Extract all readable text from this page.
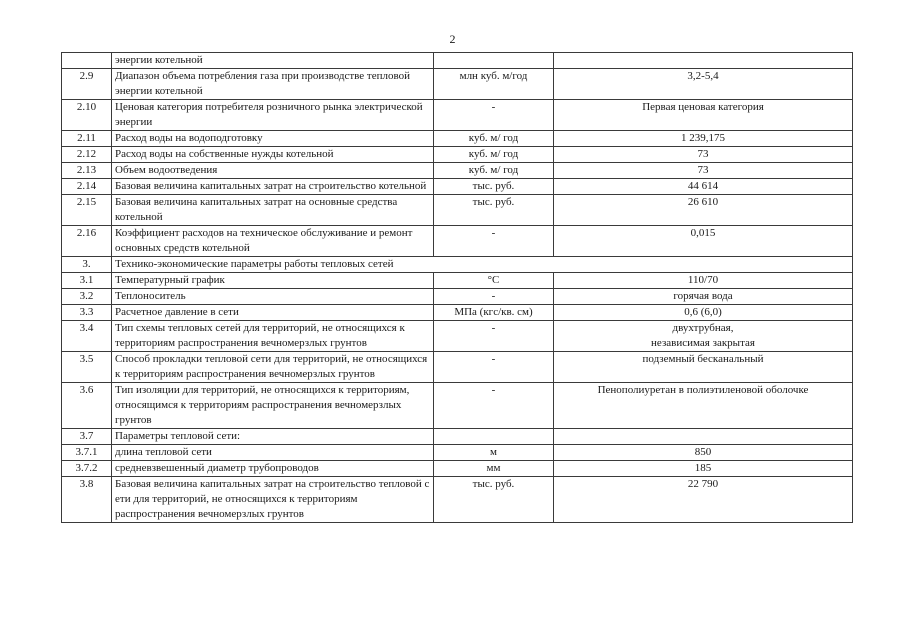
2
	энергии котельной		

2.9	Диапазон объема потребления газа при производстве тепловой энергии котельной	млн куб. м/год	3,2-5,4

2.10	Ценовая категория потребителя розничного рынка электрической энергии	-	Первая ценовая категория

2.11	Расход воды на водоподготовку	куб. м/ год	1 239,175

2.12	Расход воды на собственные нужды котельной	куб. м/ год	73

2.13	Объем водоотведения	куб. м/ год	73

2.14	Базовая величина капитальных затрат на строительство котельной	тыс. руб.	44 614

2.15	Базовая величина капитальных затрат на основные средства котельной	тыс. руб.	26 610

2.16	Коэффициент расходов на техническое обслуживание и ремонт основных средств котельной	-	0,015

3.	Технико-экономические параметры работы тепловых сетей		
3.1	Температурный график	°С	110/70

3.2	Теплоноситель	-	горячая вода

3.3	Расчетное давление в сети	МПа (кгс/кв. см)	0,6 (6,0)

3.4	Тип схемы тепловых сетей для территорий, не относящихся к территориям распространения вечномерзлых грунтов	-	двухтрубная,
независимая закрытая

3.5	Способ прокладки тепловой сети для территорий, не относящихся к территориям распространения вечномерзлых грунтов	-	подземный бесканальный

3.6	Тип изоляции для территорий, не относящихся к территориям, относящимся к территориям распространения вечномерзлых грунтов	-	Пенополиуретан в полиэтиленовой оболочке

3.7	Параметры тепловой сети:		

3.7.1	длина тепловой сети	м	850

3.7.2	средневзвешенный диаметр трубопроводов	мм	185

3.8	Базовая величина капитальных затрат на строительство тепловой с ети для территорий, не относящихся к территориям распространения вечномерзлых грунтов	тыс. руб.	22 790
